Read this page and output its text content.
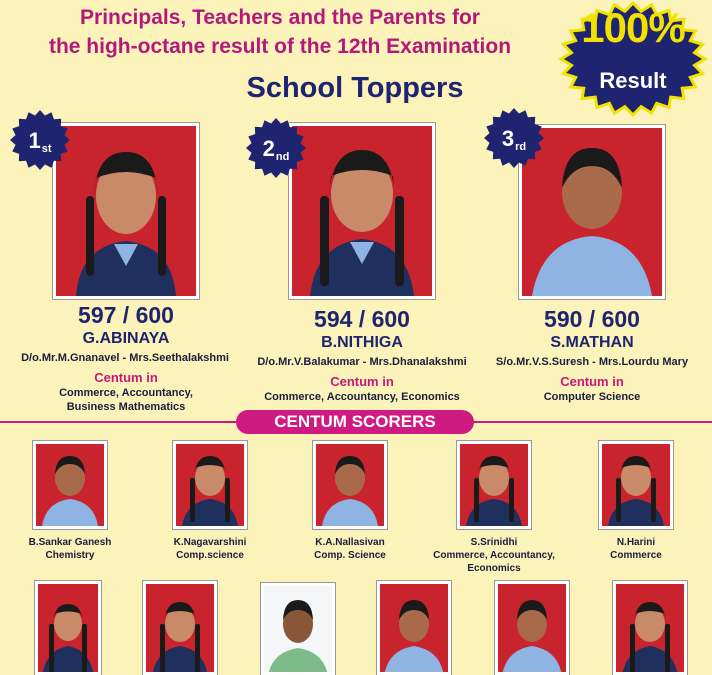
Principals, Teachers and the Parents for
the high-octane result of the 12th Examination
School Toppers
100%
Result
1st
597 / 600
G.ABINAYA
D/o.Mr.M.Gnanavel - Mrs.Seethalakshmi
Centum in
Commerce, Accountancy,
Business Mathematics
2nd
594 / 600
B.NITHIGA
D/o.Mr.V.Balakumar - Mrs.Dhanalakshmi
Centum in
Commerce, Accountancy, Economics
3rd
590 / 600
S.MATHAN
S/o.Mr.V.S.Suresh - Mrs.Lourdu Mary
Centum in
Computer Science
CENTUM SCORERS
B.Sankar Ganesh
Chemistry
K.Nagavarshini
Comp.science
K.A.Nallasivan
Comp. Science
S.Srinidhi
Commerce, Accountancy,
Economics
N.Harini
Commerce
